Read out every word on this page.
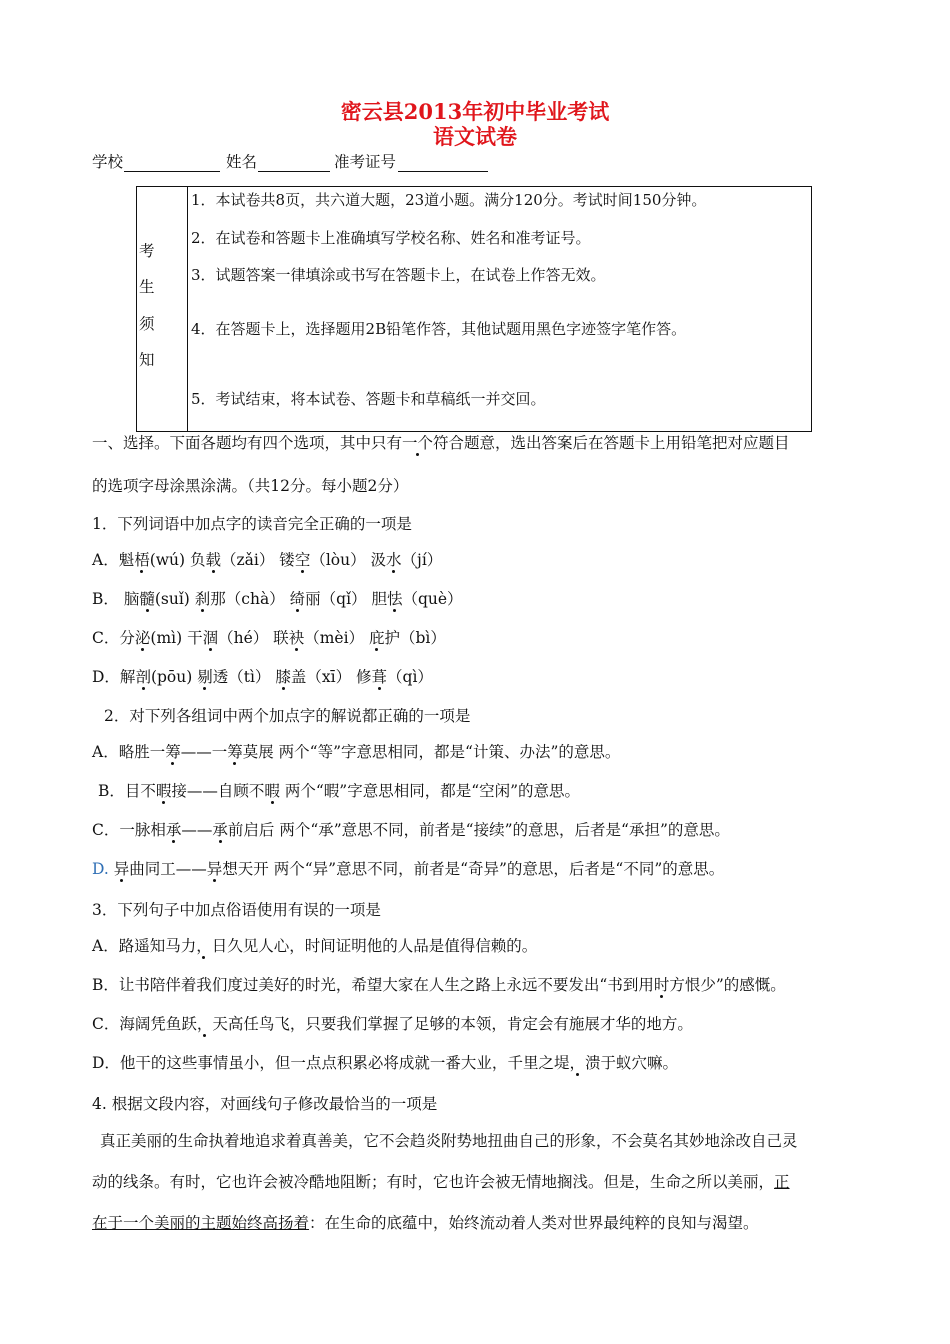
密云县2013年初中毕业考试
语文试卷
学校	姓名	准考证号

考
生
须
知
1．本试卷共8页，共六道大题，23道小题。满分120分。考试时间150分钟。
2．在试卷和答题卡上准确填写学校名称、姓名和准考证号。
3．试题答案一律填涂或书写在答题卡上，在试卷上作答无效。
4．在答题卡上，选择题用2B铅笔作答，其他试题用黑色字迹签字笔作答。
5．考试结束，将本试卷、答题卡和草稿纸一并交回。
一、选择。下面各题均有四个选项，其中只有一个符合题意，选出答案后在答题卡上用铅笔把对应题目
的选项字母涂黑涂满。（共12分。每小题2分）
1．下列词语中加点字的读音完全正确的一项是
A．魁梧(wú) 负载（zǎi） 镂空（lòu） 汲水（jí）
B． 脑髓(suǐ) 刹那（chà） 绮丽（qǐ） 胆怯（què）
C．分泌(mì) 干涸（hé） 联袂（mèi） 庇护（bì）
D．解剖(pōu) 剔透（tì） 膝盖（xī） 修葺（qì）
2．对下列各组词中两个加点字的解说都正确的一项是
A．略胜一筹——一筹莫展 两个“等”字意思相同，都是“计策、办法”的意思。
B．目不暇接——自顾不暇 两个“暇”字意思相同，都是“空闲”的意思。
C．一脉相承——承前启后 两个“承”意思不同，前者是“接续”的意思，后者是“承担”的意思。
D. 异曲同工——异想天开 两个“异”意思不同，前者是“奇异”的意思，后者是“不同”的意思。
3．下列句子中加点俗语使用有误的一项是
A．路遥知马力，日久见人心，时间证明他的人品是值得信赖的。
B．让书陪伴着我们度过美好的时光，希望大家在人生之路上永远不要发出“书到用时方恨少”的感慨。
C．海阔凭鱼跃，天高任鸟飞，只要我们掌握了足够的本领，肯定会有施展才华的地方。
D．他干的这些事情虽小，但一点点积累必将成就一番大业，千里之堤，溃于蚁穴嘛。
4. 根据文段内容，对画线句子修改最恰当的一项是
真正美丽的生命执着地追求着真善美，它不会趋炎附势地扭曲自己的形象，不会莫名其妙地涂改自己灵
动的线条。有时，它也许会被冷酷地阻断；有时，它也许会被无情地搁浅。但是，生命之所以美丽，正
在于一个美丽的主题始终高扬着：在生命的底蕴中，始终流动着人类对世界最纯粹的良知与渴望。
